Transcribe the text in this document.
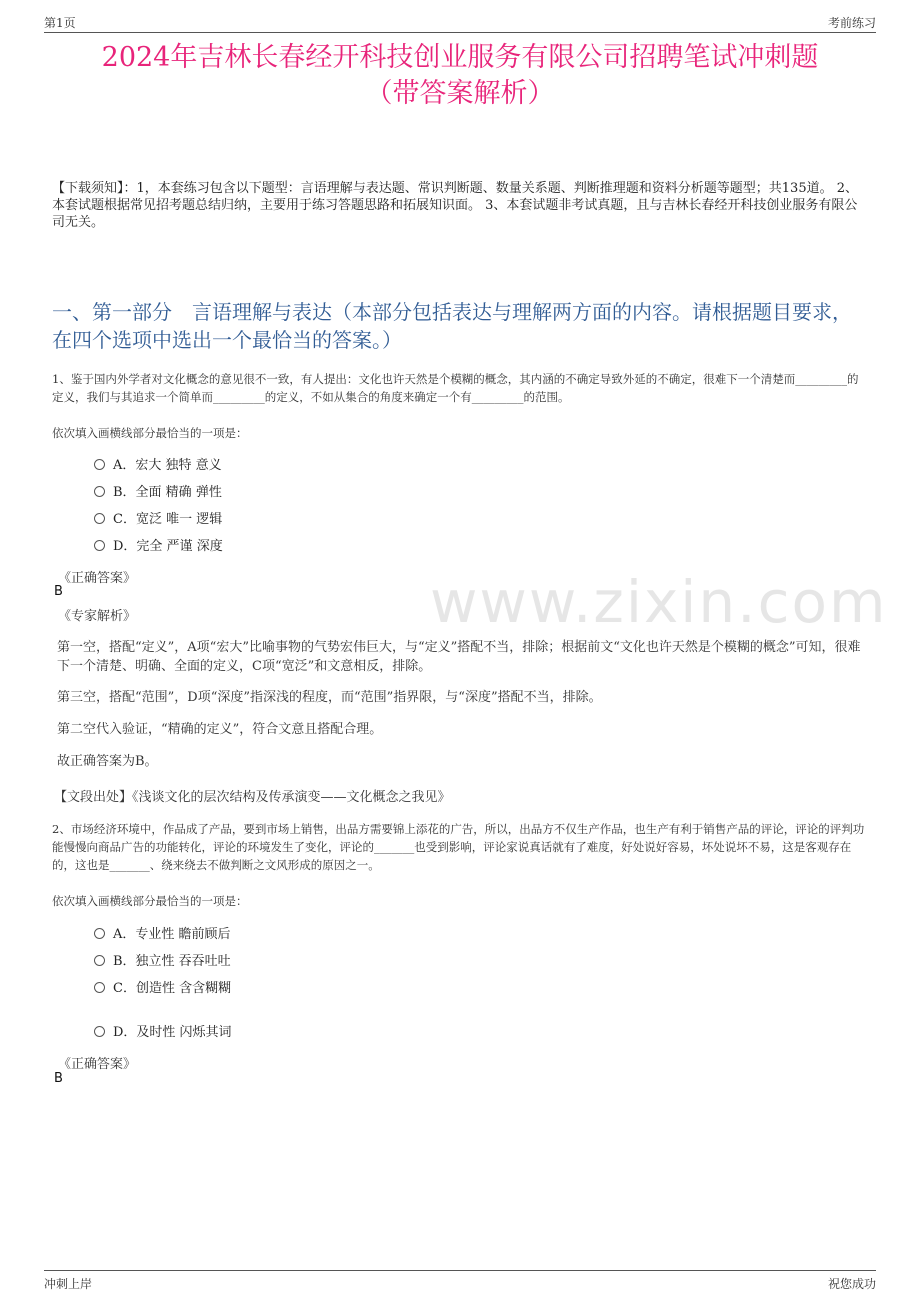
第1页	考前练习
2024年吉林长春经开科技创业服务有限公司招聘笔试冲刺题
（带答案解析）
【下载须知】：1，本套练习包含以下题型：言语理解与表达题、常识判断题、数量关系题、判断推理题和资料分析题等题型；共135道。 2、本套试题根据常见招考题总结归纳，主要用于练习答题思路和拓展知识面。 3、本套试题非考试真题，且与吉林长春经开科技创业服务有限公司无关。
一、第一部分　言语理解与表达（本部分包括表达与理解两方面的内容。请根据题目要求，在四个选项中选出一个最恰当的答案。）
www.zixin.com
1、鉴于国内外学者对文化概念的意见很不一致，有人提出：文化也许天然是个模糊的概念，其内涵的不确定导致外延的不确定，很难下一个清楚而_________的定义，我们与其追求一个简单而_________的定义，不如从集合的角度来确定一个有_________的范围。
依次填入画横线部分最恰当的一项是：
A．宏大 独特 意义
B．全面 精确 弹性
C．宽泛 唯一 逻辑
D．完全 严谨 深度
《正确答案》
B
《专家解析》
第一空，搭配“定义”，A项“宏大”比喻事物的气势宏伟巨大，与“定义”搭配不当，排除；根据前文“文化也许天然是个模糊的概念”可知，很难下一个清楚、明确、全面的定义，C项“宽泛”和文意相反，排除。
第三空，搭配“范围”，D项“深度”指深浅的程度，而“范围”指界限，与“深度”搭配不当，排除。
第二空代入验证，“精确的定义”，符合文意且搭配合理。
故正确答案为B。
【文段出处】《浅谈文化的层次结构及传承演变——文化概念之我见》
2、市场经济环境中，作品成了产品，要到市场上销售，出品方需要锦上添花的广告，所以，出品方不仅生产作品，也生产有利于销售产品的评论，评论的评判功能慢慢向商品广告的功能转化，评论的环境发生了变化，评论的_______也受到影响，评论家说真话就有了难度，好处说好容易，坏处说坏不易，这是客观存在的，这也是_______、绕来绕去不做判断之文风形成的原因之一。
依次填入画横线部分最恰当的一项是：
A．专业性 瞻前顾后
B．独立性 吞吞吐吐
C．创造性 含含糊糊
D．及时性 闪烁其词
《正确答案》
B
冲刺上岸	祝您成功
